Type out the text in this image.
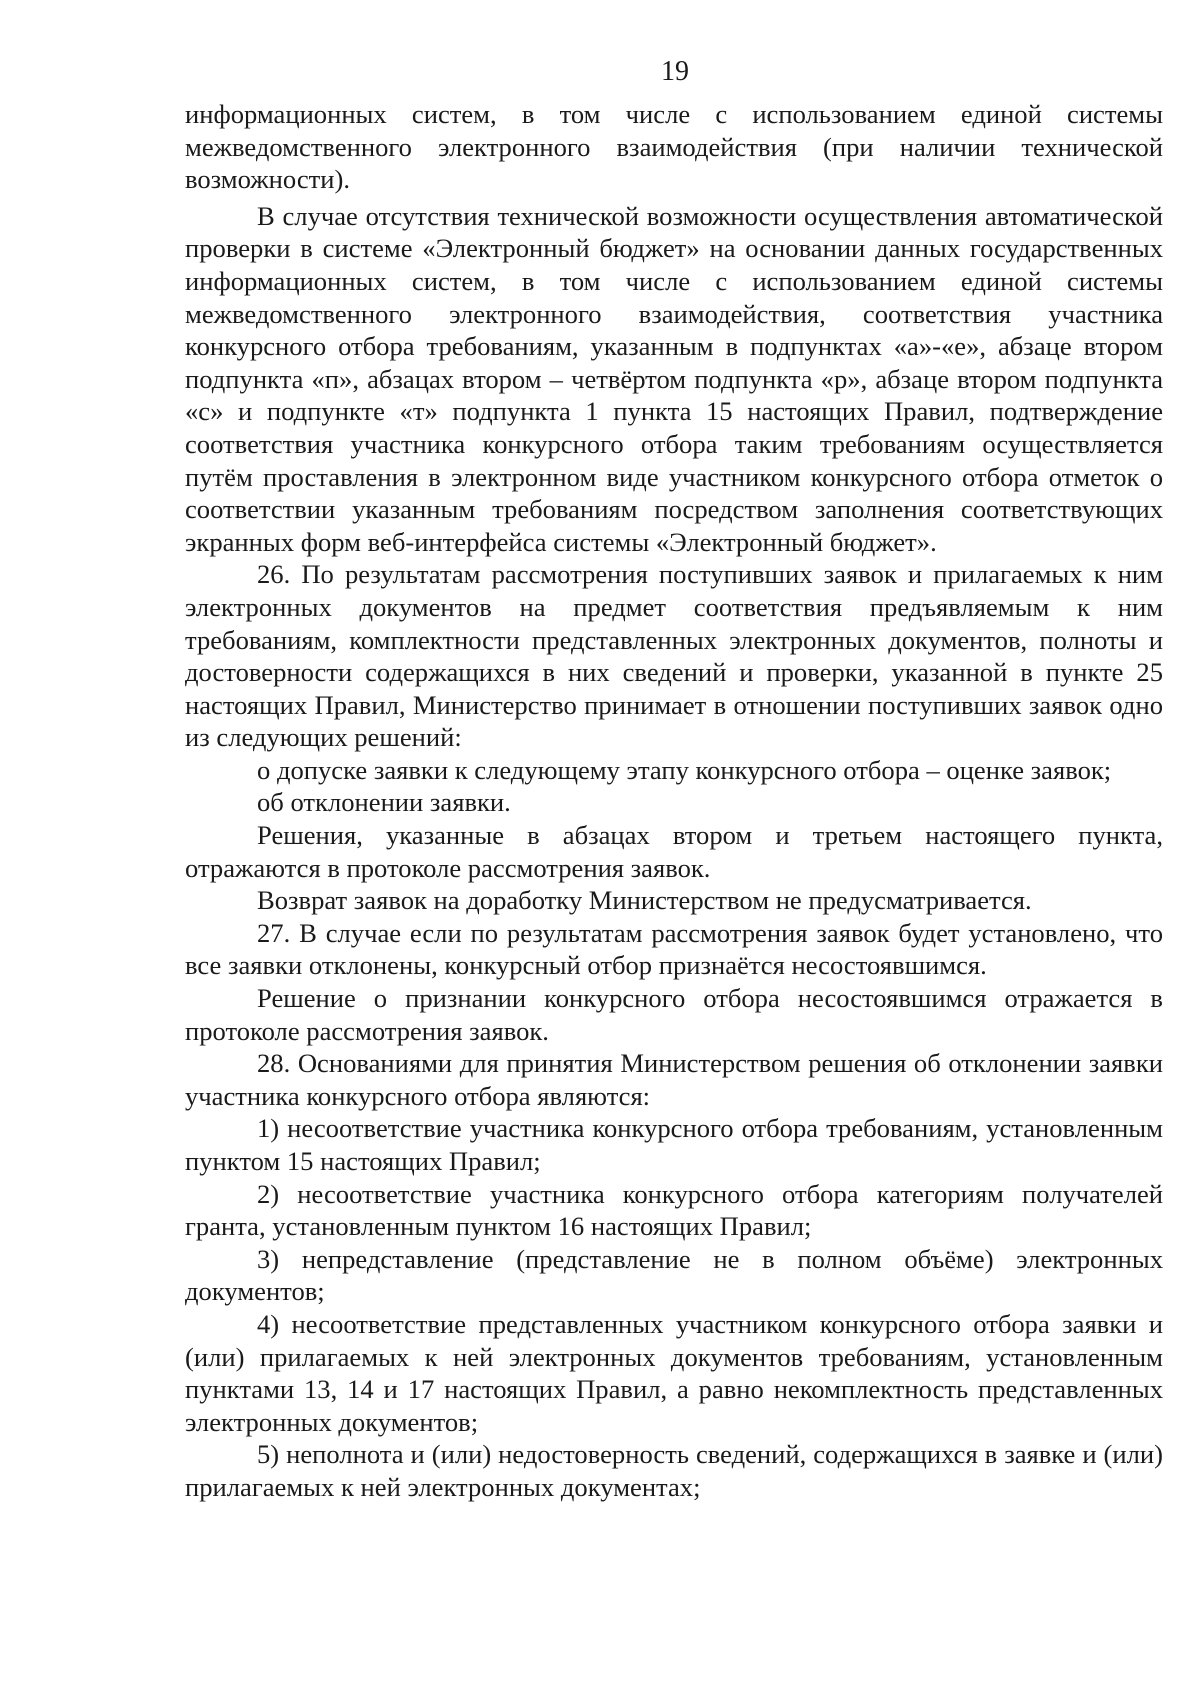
19

информационных систем, в том числе с использованием единой системы межведомственного электронного взаимодействия (при наличии технической возможности).

В случае отсутствия технической возможности осуществления автоматической проверки в системе «Электронный бюджет» на основании данных государственных информационных систем, в том числе с использованием единой системы межведомственного электронного взаимодействия, соответствия участника конкурсного отбора требованиям, указанным в подпунктах «а»-«е», абзаце втором подпункта «п», абзацах втором – четвёртом подпункта «р», абзаце втором подпункта «с» и подпункте «т» подпункта 1 пункта 15 настоящих Правил, подтверждение соответствия участника конкурсного отбора таким требованиям осуществляется путём проставления в электронном виде участником конкурсного отбора отметок о соответствии указанным требованиям посредством заполнения соответствующих экранных форм веб-интерфейса системы «Электронный бюджет».

26. По результатам рассмотрения поступивших заявок и прилагаемых к ним электронных документов на предмет соответствия предъявляемым к ним требованиям, комплектности представленных электронных документов, полноты и достоверности содержащихся в них сведений и проверки, указанной в пункте 25 настоящих Правил, Министерство принимает в отношении поступивших заявок одно из следующих решений:

о допуске заявки к следующему этапу конкурсного отбора – оценке заявок;

об отклонении заявки.

Решения, указанные в абзацах втором и третьем настоящего пункта, отражаются в протоколе рассмотрения заявок.

Возврат заявок на доработку Министерством не предусматривается.

27. В случае если по результатам рассмотрения заявок будет установлено, что все заявки отклонены, конкурсный отбор признаётся несостоявшимся.

Решение о признании конкурсного отбора несостоявшимся отражается в протоколе рассмотрения заявок.

28. Основаниями для принятия Министерством решения об отклонении заявки участника конкурсного отбора являются:

1) несоответствие участника конкурсного отбора требованиям, установленным пунктом 15 настоящих Правил;

2) несоответствие участника конкурсного отбора категориям получателей гранта, установленным пунктом 16 настоящих Правил;

3) непредставление (представление не в полном объёме) электронных документов;

4) несоответствие представленных участником конкурсного отбора заявки и (или) прилагаемых к ней электронных документов требованиям, установленным пунктами 13, 14 и 17 настоящих Правил, а равно некомплектность представленных электронных документов;

5) неполнота и (или) недостоверность сведений, содержащихся в заявке и (или) прилагаемых к ней электронных документах;
